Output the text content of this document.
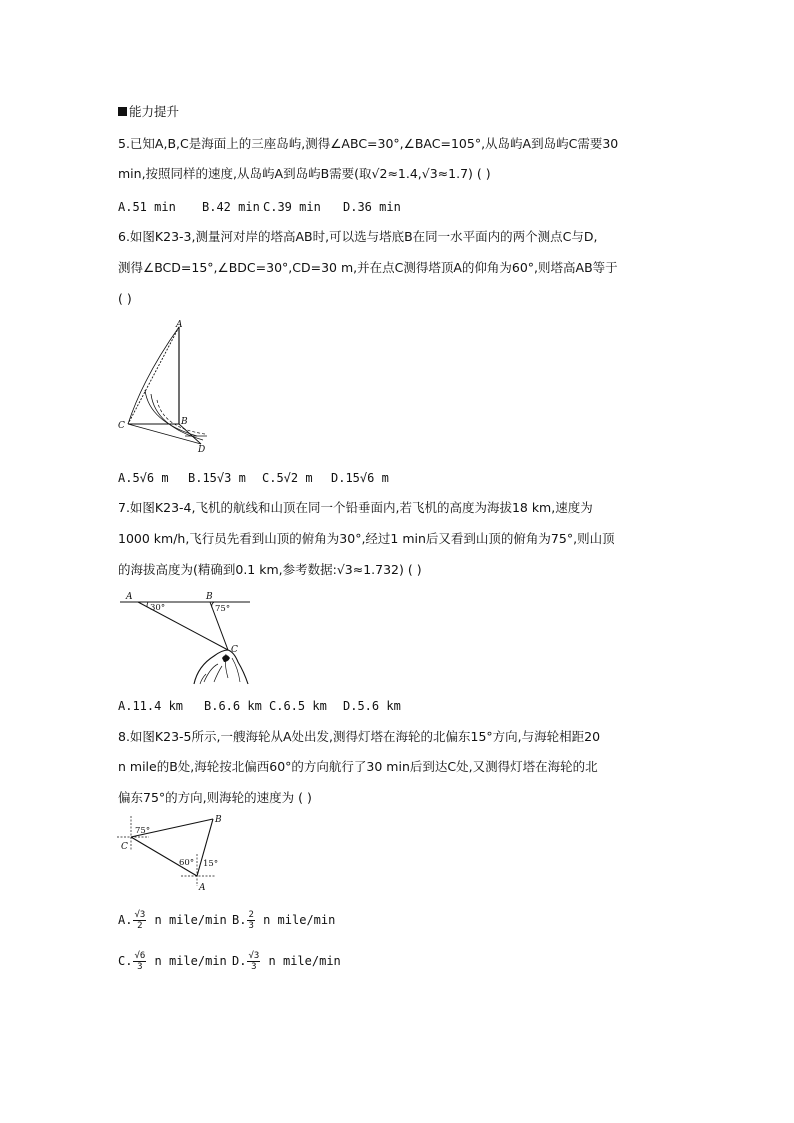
能力提升
5.已知A,B,C是海面上的三座岛屿,测得∠ABC=30°,∠BAC=105°,从岛屿A到岛屿C需要30
min,按照同样的速度,从岛屿A到岛屿B需要(取√2≈1.4,√3≈1.7) ( )
A.51 min B.42 min C.39 min D.36 min
6.如图K23-3,测量河对岸的塔高AB时,可以选与塔底B在同一水平面内的两个测点C与D,
测得∠BCD=15°,∠BDC=30°,CD=30 m,并在点C测得塔顶A的仰角为60°,则塔高AB等于
( )
A
B
C
D
A.5√6 m B.15√3 m C.5√2 m D.15√6 m
7.如图K23-4,飞机的航线和山顶在同一个铅垂面内,若飞机的高度为海拔18 km,速度为
1000 km/h,飞行员先看到山顶的俯角为30°,经过1 min后又看到山顶的俯角为75°,则山顶
的海拔高度为(精确到0.1 km,参考数据:√3≈1.732) ( )
A	B
C
30°	75°
A.11.4 km B.6.6 km C.6.5 km D.5.6 km
8.如图K23-5所示,一艘海轮从A处出发,测得灯塔在海轮的北偏东15°方向,与海轮相距20
n mile的B处,海轮按北偏西60°的方向航行了30 min后到达C处,又测得灯塔在海轮的北
偏东75°的方向,则海轮的速度为 ( )
B
C
A
75°
60° 15°
A. $\frac{√3}{2}$ n mile/min B. $\frac{2}{3}$ n mile/min
C. $\frac{√6}{3}$ n mile/min D. $\frac{√3}{3}$ n mile/min
